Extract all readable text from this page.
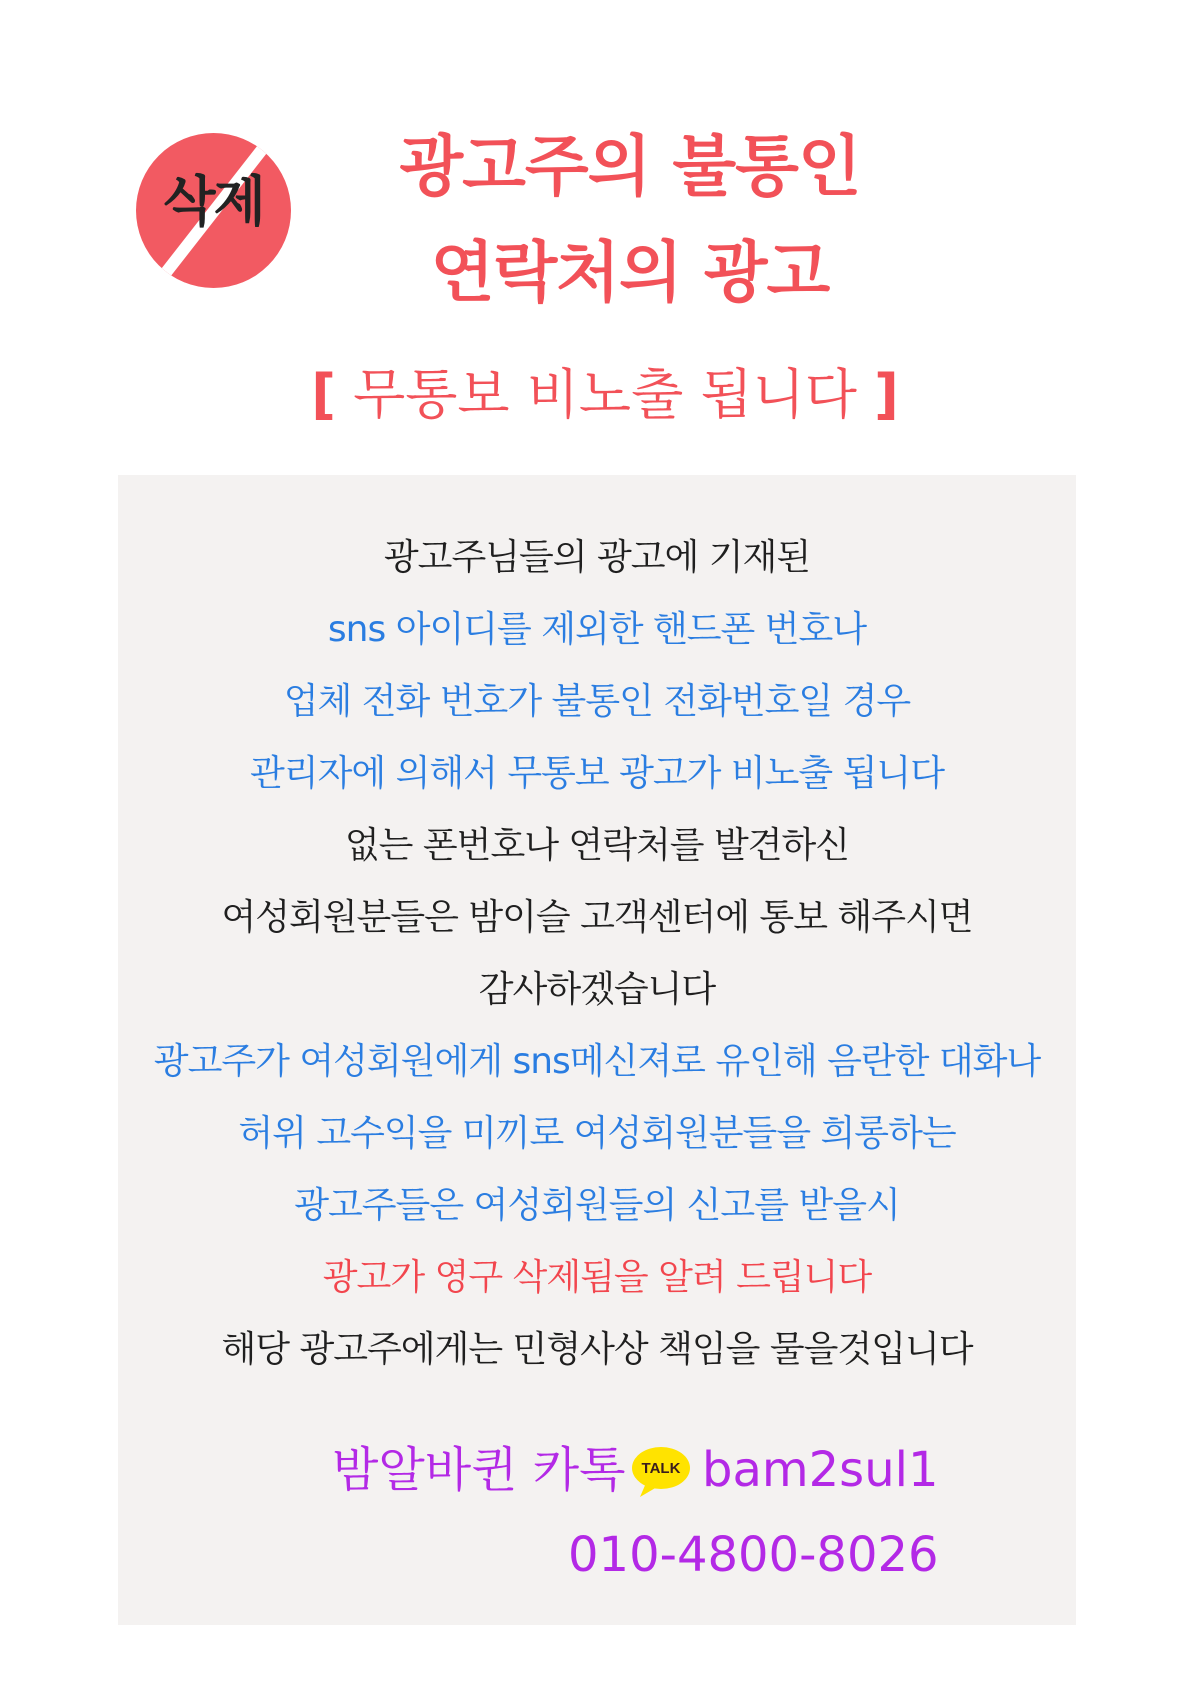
삭제	광고주의 불통인
연락처의 광고
[ 무통보 비노출 됩니다 ]
광고주님들의 광고에 기재된
sns 아이디를 제외한 핸드폰 번호나
업체 전화 번호가 불통인 전화번호일 경우
관리자에 의해서 무통보 광고가 비노출 됩니다
없는 폰번호나 연락처를 발견하신
여성회원분들은 밤이슬 고객센터에 통보 해주시면
감사하겠습니다
광고주가 여성회원에게 sns메신져로 유인해 음란한 대화나
허위 고수익을 미끼로 여성회원분들을 희롱하는
광고주들은 여성회원들의 신고를 받을시
광고가 영구 삭제됨을 알려 드립니다
해당 광고주에게는 민형사상 책임을 물을것입니다
밤알바퀸 카톡 TALK bam2sul1
010-4800-8026
